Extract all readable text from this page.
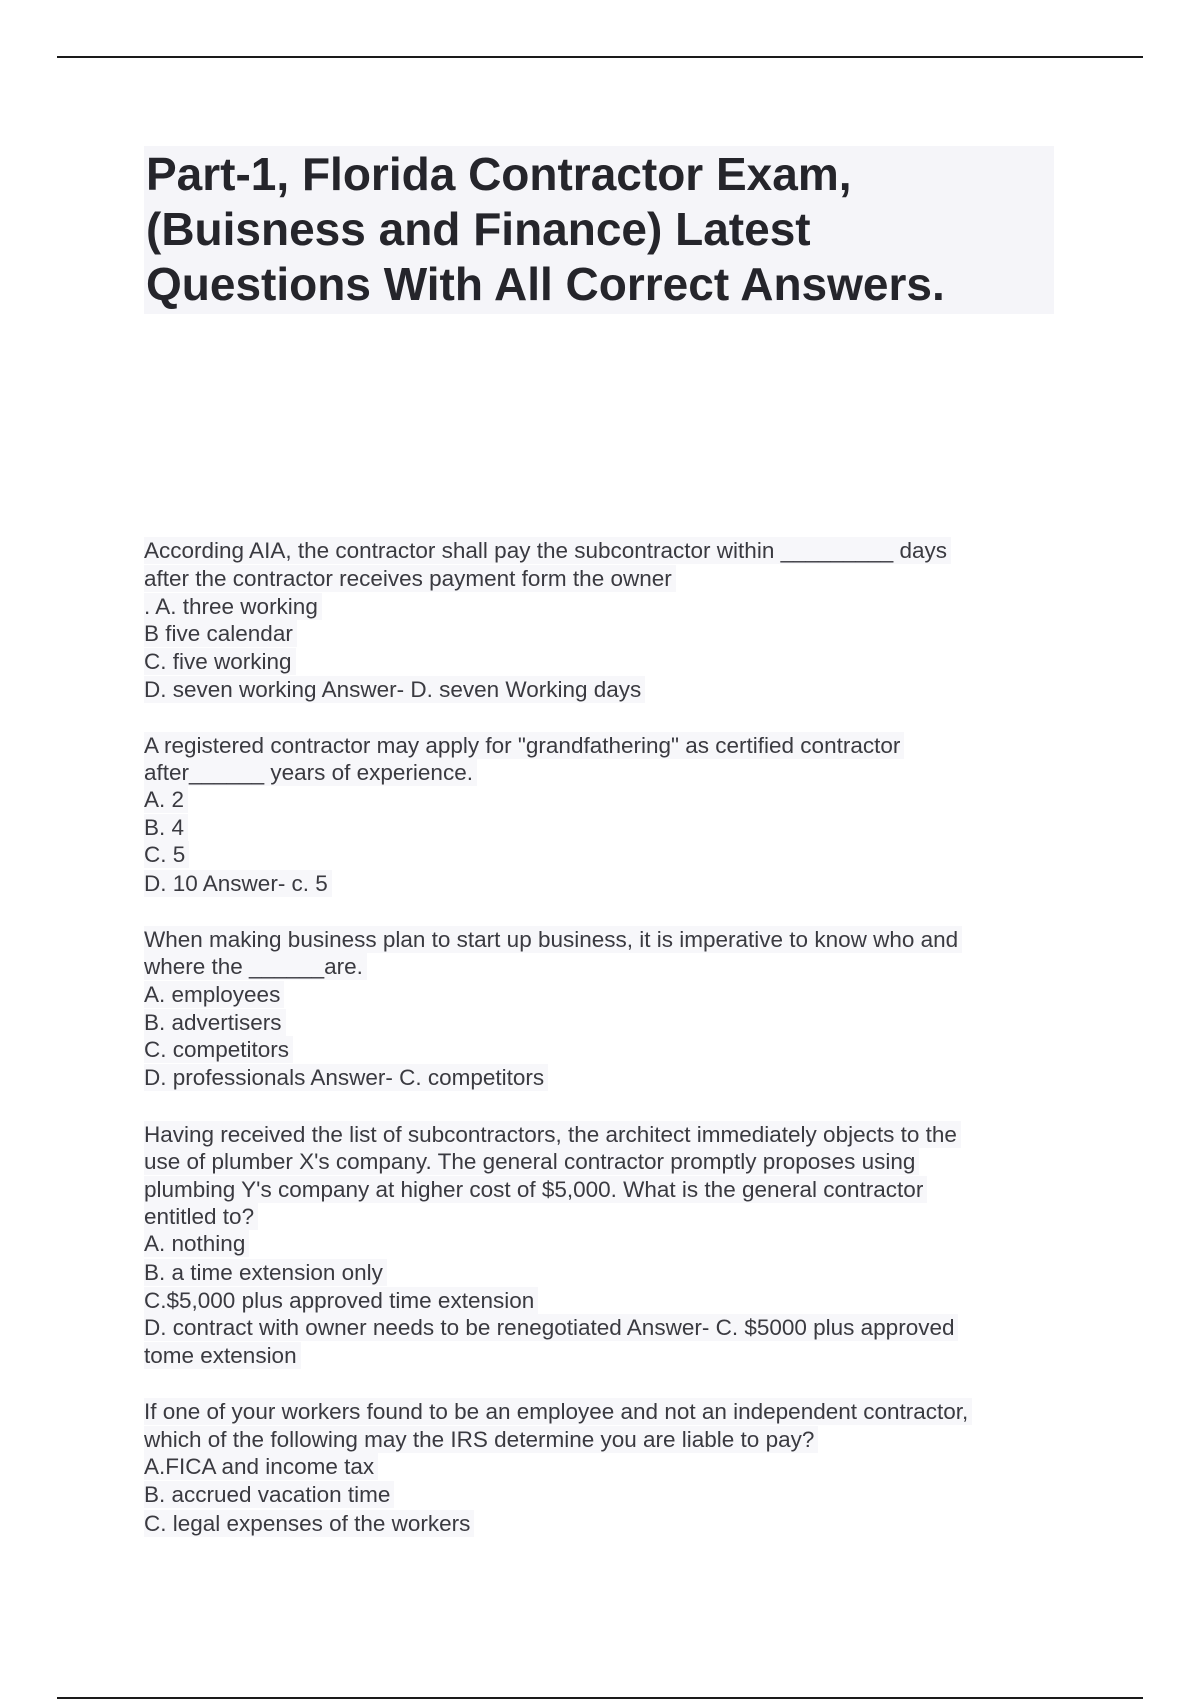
Part-1, Florida Contractor Exam,
(Buisness and Finance) Latest
Questions With All Correct Answers.
According AIA, the contractor shall pay the subcontractor within _________ days
after the contractor receives payment form the owner
. A. three working
B five calendar
C. five working
D. seven working Answer- D. seven Working days
A registered contractor may apply for "grandfathering" as certified contractor
after______ years of experience.
A. 2
B. 4
C. 5
D. 10 Answer- c. 5
When making business plan to start up business, it is imperative to know who and
where the ______are.
A. employees
B. advertisers
C. competitors
D. professionals Answer- C. competitors
Having received the list of subcontractors, the architect immediately objects to the
use of plumber X's company. The general contractor promptly proposes using
plumbing Y's company at higher cost of $5,000. What is the general contractor
entitled to?
A. nothing
B. a time extension only
C.$5,000 plus approved time extension
D. contract with owner needs to be renegotiated Answer- C. $5000 plus approved
tome extension
If one of your workers found to be an employee and not an independent contractor,
which of the following may the IRS determine you are liable to pay?
A.FICA and income tax
B. accrued vacation time
C. legal expenses of the workers
